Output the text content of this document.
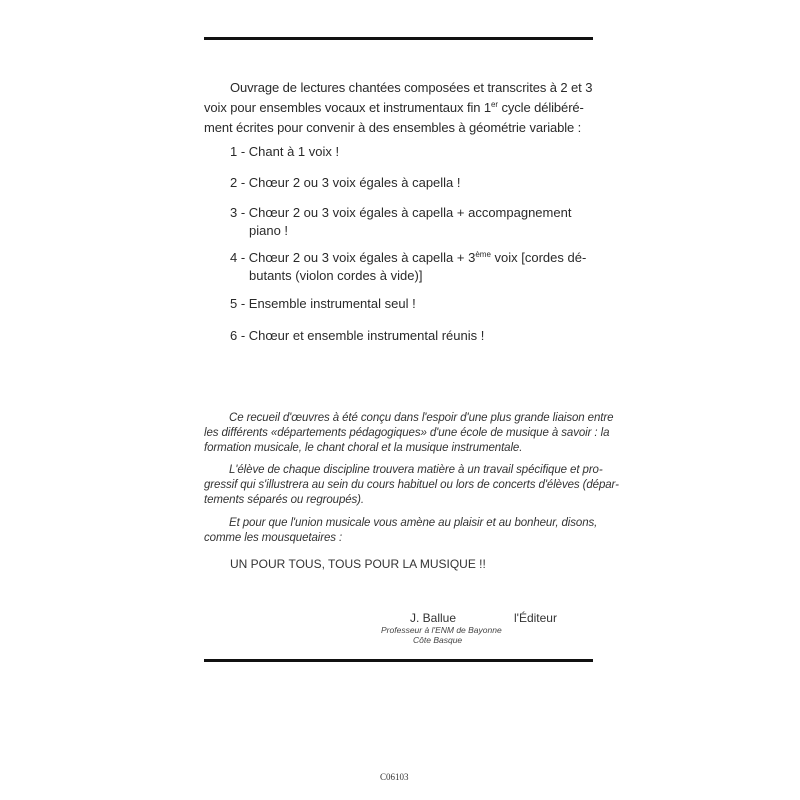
Ouvrage de lectures chantées composées et transcrites à 2 et 3
voix pour ensembles vocaux et instrumentaux fin 1er cycle délibéré-
ment écrites pour convenir à des ensembles à géométrie variable :
1 - Chant à 1 voix !
2 - Chœur 2 ou 3 voix égales à capella !
3 - Chœur 2 ou 3 voix égales à capella + accompagnement
piano !
4 - Chœur 2 ou 3 voix égales à capella + 3ème voix [cordes dé-
butants (violon cordes à vide)]
5 - Ensemble instrumental seul !
6 - Chœur et ensemble instrumental réunis !
Ce recueil d'œuvres à été conçu dans l'espoir d'une plus grande liaison entre
les différents «départements pédagogiques» d'une école de musique à savoir : la
formation musicale, le chant choral et la musique instrumentale.
L'élève de chaque discipline trouvera matière à un travail spécifique et pro-
gressif qui s'illustrera au sein du cours habituel ou lors de concerts d'élèves (dépar-
tements séparés ou regroupés).
Et pour que l'union musicale vous amène au plaisir et au bonheur, disons,
comme les mousquetaires :
UN POUR TOUS, TOUS POUR LA MUSIQUE !!
J. Ballue
Professeur à l'ENM de Bayonne
Côte Basque
l'Éditeur
C06103
